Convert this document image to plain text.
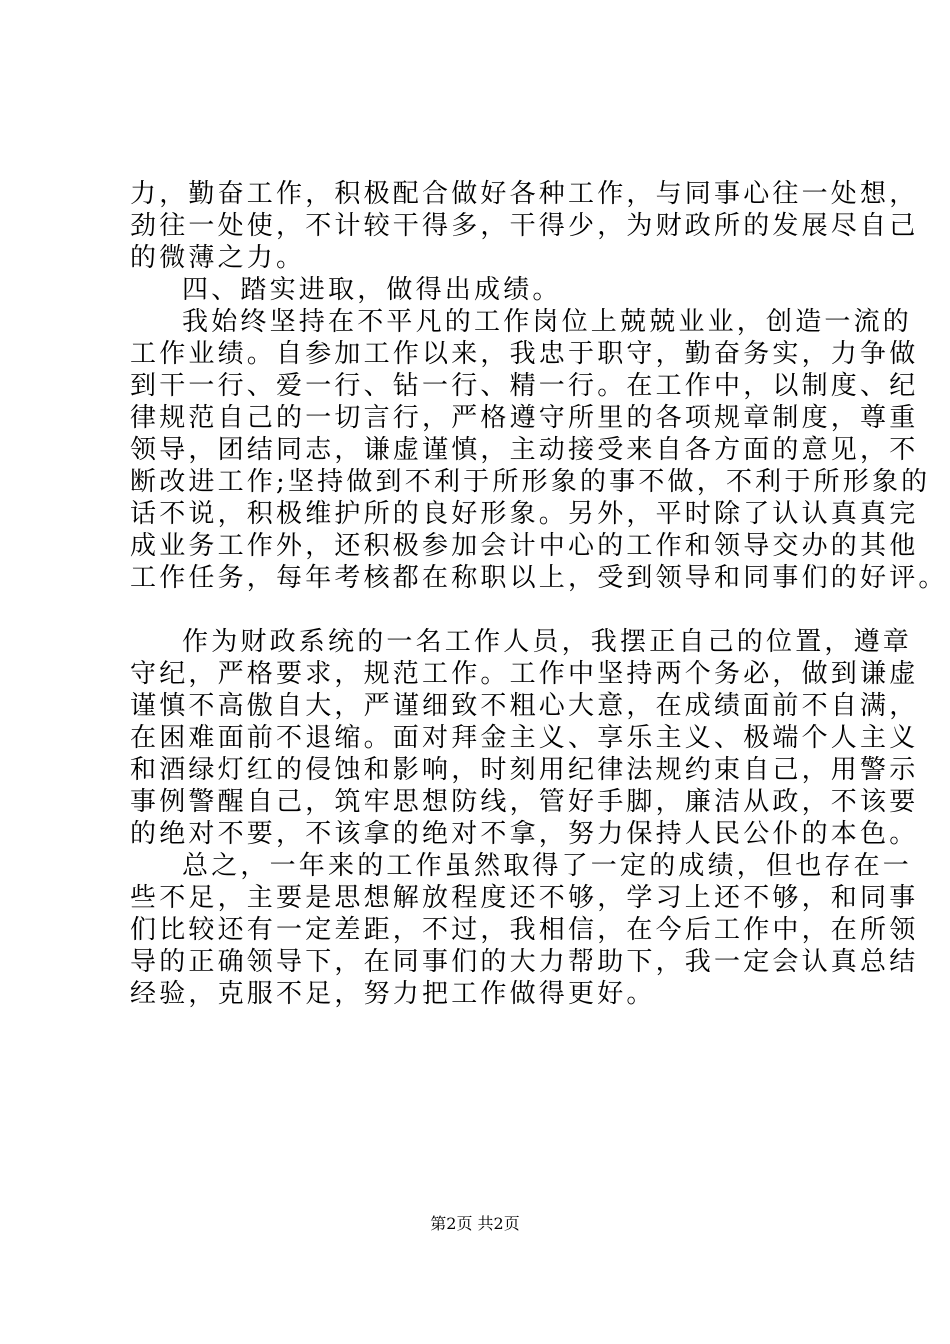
力，勤奋工作，积极配合做好各种工作，与同事心往一处想，

劲往一处使，不计较干得多，干得少，为财政所的发展尽自己

的微薄之力。

四、踏实进取，做得出成绩。

我始终坚持在不平凡的工作岗位上兢兢业业，创造一流的

工作业绩。自参加工作以来，我忠于职守，勤奋务实，力争做

到干一行、爱一行、钻一行、精一行。在工作中，以制度、纪

律规范自己的一切言行，严格遵守所里的各项规章制度，尊重

领导，团结同志，谦虚谨慎，主动接受来自各方面的意见，不

断改进工作;坚持做到不利于所形象的事不做，不利于所形象的

话不说，积极维护所的良好形象。另外，平时除了认认真真完

成业务工作外，还积极参加会计中心的工作和领导交办的其他

工作任务，每年考核都在称职以上，受到领导和同事们的好评。

作为财政系统的一名工作人员，我摆正自己的位置，遵章

守纪，严格要求，规范工作。工作中坚持两个务必，做到谦虚

谨慎不高傲自大，严谨细致不粗心大意，在成绩面前不自满，

在困难面前不退缩。面对拜金主义、享乐主义、极端个人主义

和酒绿灯红的侵蚀和影响，时刻用纪律法规约束自己，用警示

事例警醒自己，筑牢思想防线，管好手脚，廉洁从政，不该要

的绝对不要，不该拿的绝对不拿，努力保持人民公仆的本色。

总之，一年来的工作虽然取得了一定的成绩，但也存在一

些不足，主要是思想解放程度还不够，学习上还不够，和同事

们比较还有一定差距，不过，我相信，在今后工作中，在所领

导的正确领导下，在同事们的大力帮助下，我一定会认真总结

经验，克服不足，努力把工作做得更好。

第2页 共2页
